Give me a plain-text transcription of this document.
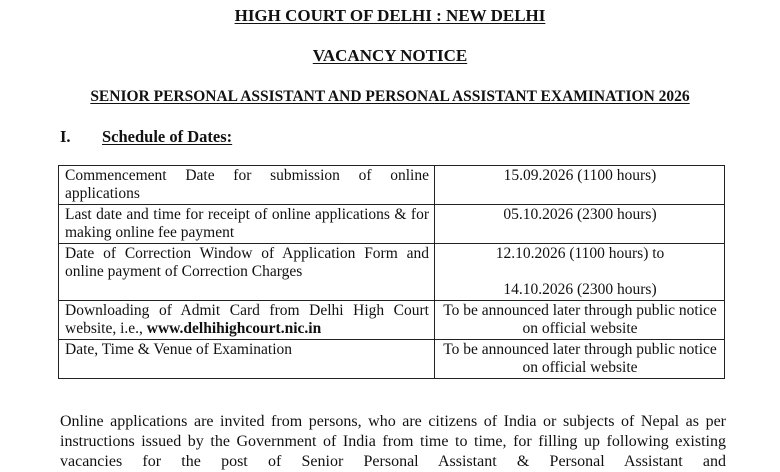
HIGH COURT OF DELHI : NEW DELHI
VACANCY NOTICE
SENIOR PERSONAL ASSISTANT AND PERSONAL ASSISTANT EXAMINATION 2026
I. Schedule of Dates:
Commencement Date for submission of online applications	15.09.2026 (1100 hours)
Last date and time for receipt of online applications & for making online fee payment	05.10.2026 (2300 hours)
Date of Correction Window of Application Form and online payment of Correction Charges	12.10.2026 (1100 hours) to
14.10.2026 (2300 hours)

Downloading of Admit Card from Delhi High Court website, i.e., www.delhihighcourt.nic.in	To be announced later through public notice on official website
Date, Time & Venue of Examination	To be announced later through public notice on official website

Online applications are invited from persons, who are citizens of India or subjects of Nepal as per instructions issued by the Government of India from time to time, for filling up following existing vacancies for the post of Senior Personal Assistant & Personal Assistant and
